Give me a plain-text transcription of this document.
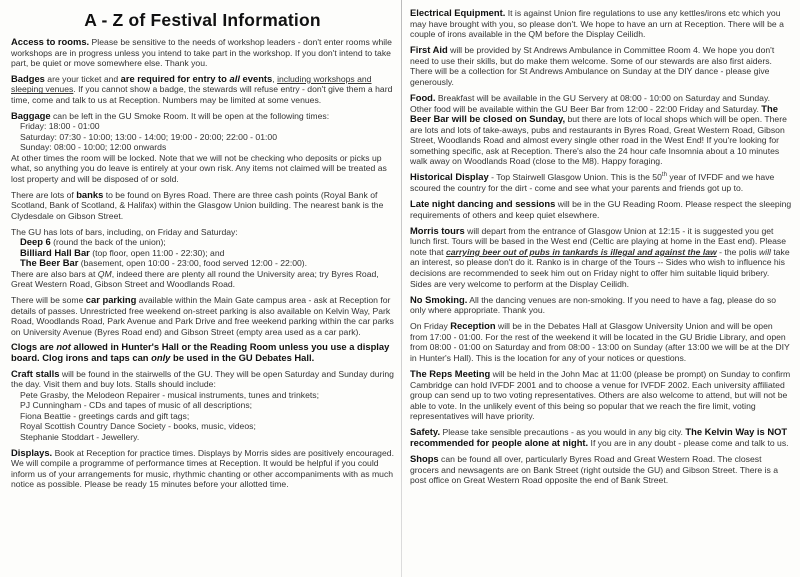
A - Z of Festival Information

Access to rooms. Please be sensitive to the needs of workshop leaders - don't enter rooms while workshops are in progress unless you intend to take part in the workshop. If you don't intend to take part, be quiet or move somewhere else. Thank you.

Badges are your ticket and are required for entry to all events, including workshops and sleeping venues. If you cannot show a badge, the stewards will refuse entry - don't give them a hard time, come and talk to us at Reception. Numbers may be limited at some venues.

Baggage can be left in the GU Smoke Room. It will be open at the following times:
Friday: 18:00 - 01:00
Saturday: 07:30 - 10:00; 13:00 - 14:00; 19:00 - 20:00; 22:00 - 01:00
Sunday: 08:00 - 10:00; 12:00 onwards
At other times the room will be locked. Note that we will not be checking who deposits or picks up what, so anything you do leave is entirely at your own risk. Any items not claimed will be treated as lost property and will be disposed of or sold.

There are lots of banks to be found on Byres Road. There are three cash points (Royal Bank of Scotland, Bank of Scotland, & Halifax) within the Glasgow Union building. The nearest bank is the Clydesdale on Gibson Street.

The GU has lots of bars, including, on Friday and Saturday:
Deep 6 (round the back of the union);
Billiard Hall Bar (top floor, open 11:00 - 22:30); and
The Beer Bar (basement, open 10:00 - 23:00, food served 12:00 - 22:00).
There are also bars at QM, indeed there are plenty all round the University area; try Byres Road, Great Western Road, Gibson Street and Woodlands Road.

There will be some car parking available within the Main Gate campus area - ask at Reception for details of passes. Unrestricted free weekend on-street parking is also available on Kelvin Way, Park Road, Woodlands Road, Park Avenue and Park Drive and free weekend parking within the car parks on University Avenue (Byres Road end) and Gibson Street (empty area used as a car park).

Clogs are not allowed in Hunter's Hall or the Reading Room unless you use a display board. Clog irons and taps can only be used in the GU Debates Hall.

Craft stalls will be found in the stairwells of the GU. They will be open Saturday and Sunday during the day. Visit them and buy lots. Stalls should include:
Pete Grasby, the Melodeon Repairer - musical instruments, tunes and trinkets;
PJ Cunningham - CDs and tapes of music of all descriptions;
Fiona Beattie - greetings cards and gift tags;
Royal Scottish Country Dance Society - books, music, videos;
Stephanie Stoddart - Jewellery.

Displays. Book at Reception for practice times. Displays by Morris sides are positively encouraged. We will compile a programme of performance times at Reception. It would be helpful if you could inform us of your arrangements for music, rhythmic chanting or other accompaniments with as much notice as possible. Please be ready 15 minutes before your allotted time.

Electrical Equipment. It is against Union fire regulations to use any kettles/irons etc which you may have brought with you, so please don't. We hope to have an urn at Reception. There will be a couple of irons available in the QM before the Display Ceilidh.

First Aid will be provided by St Andrews Ambulance in Committee Room 4. We hope you don't need to use their skills, but do make them welcome. Some of our stewards are also first aiders. There will be a collection for St Andrews Ambulance on Sunday at the DIY dance - please give generously.

Food. Breakfast will be available in the GU Servery at 08:00 - 10:00 on Saturday and Sunday. Other food will be available within the GU Beer Bar from 12:00 - 22:00 Friday and Saturday. The Beer Bar will be closed on Sunday, but there are lots of local shops which will be open. There are lots and lots of take-aways, pubs and restaurants in Byres Road, Great Western Road, Gibson Street, Woodlands Road and almost every single other road in the West End! If you're looking for something specific, ask at Reception. There's also the 24 hour cafe Insomnia about a 10 minutes walk away on Woodlands Road (close to the M8). Happy foraging.

Historical Display - Top Stairwell Glasgow Union. This is the 50th year of IVFDF and we have scoured the country for the dirt - come and see what your parents and friends got up to.

Late night dancing and sessions will be in the GU Reading Room. Please respect the sleeping requirements of others and keep quiet elsewhere.

Morris tours will depart from the entrance of Glasgow Union at 12:15 - it is suggested you get lunch first. Tours will be based in the West end (Celtic are playing at home in the East end). Please note that carrying beer out of pubs in tankards is illegal and against the law - the polis will take an interest, so please don't do it. Ranko is in charge of the Tours -- Sides who wish to influence his decisions are recommended to seek him out on Friday night to offer him suitable liquid bribery. Sides are very welcome to perform at the Display Ceilidh.

No Smoking. All the dancing venues are non-smoking. If you need to have a fag, please do so only where appropriate. Thank you.

On Friday Reception will be in the Debates Hall at Glasgow University Union and will be open from 17:00 - 01:00. For the rest of the weekend it will be located in the GU Bridie Library, and open from 08:00 - 01:00 on Saturday and from 08:00 - 13:00 on Sunday (after 13:00 we will be at the DIY in Hunter's Hall). This is the location for any of your notices or questions.

The Reps Meeting will be held in the John Mac at 11:00 (please be prompt) on Sunday to confirm Cambridge can hold IVFDF 2001 and to choose a venue for IVFDF 2002. Each university affiliated group can send up to two voting representatives. Others are also welcome to attend, but will not be able to vote. In the unlikely event of this being so popular that we reach the fire limit, voting representatives will have priority.

Safety. Please take sensible precautions - as you would in any big city. The Kelvin Way is NOT recommended for people alone at night. If you are in any doubt - please come and talk to us.

Shops can be found all over, particularly Byres Road and Great Western Road. The closest grocers and newsagents are on Bank Street (right outside the GU) and Gibson Street. There is a post office on Great Western Road opposite the end of Bank Street.
